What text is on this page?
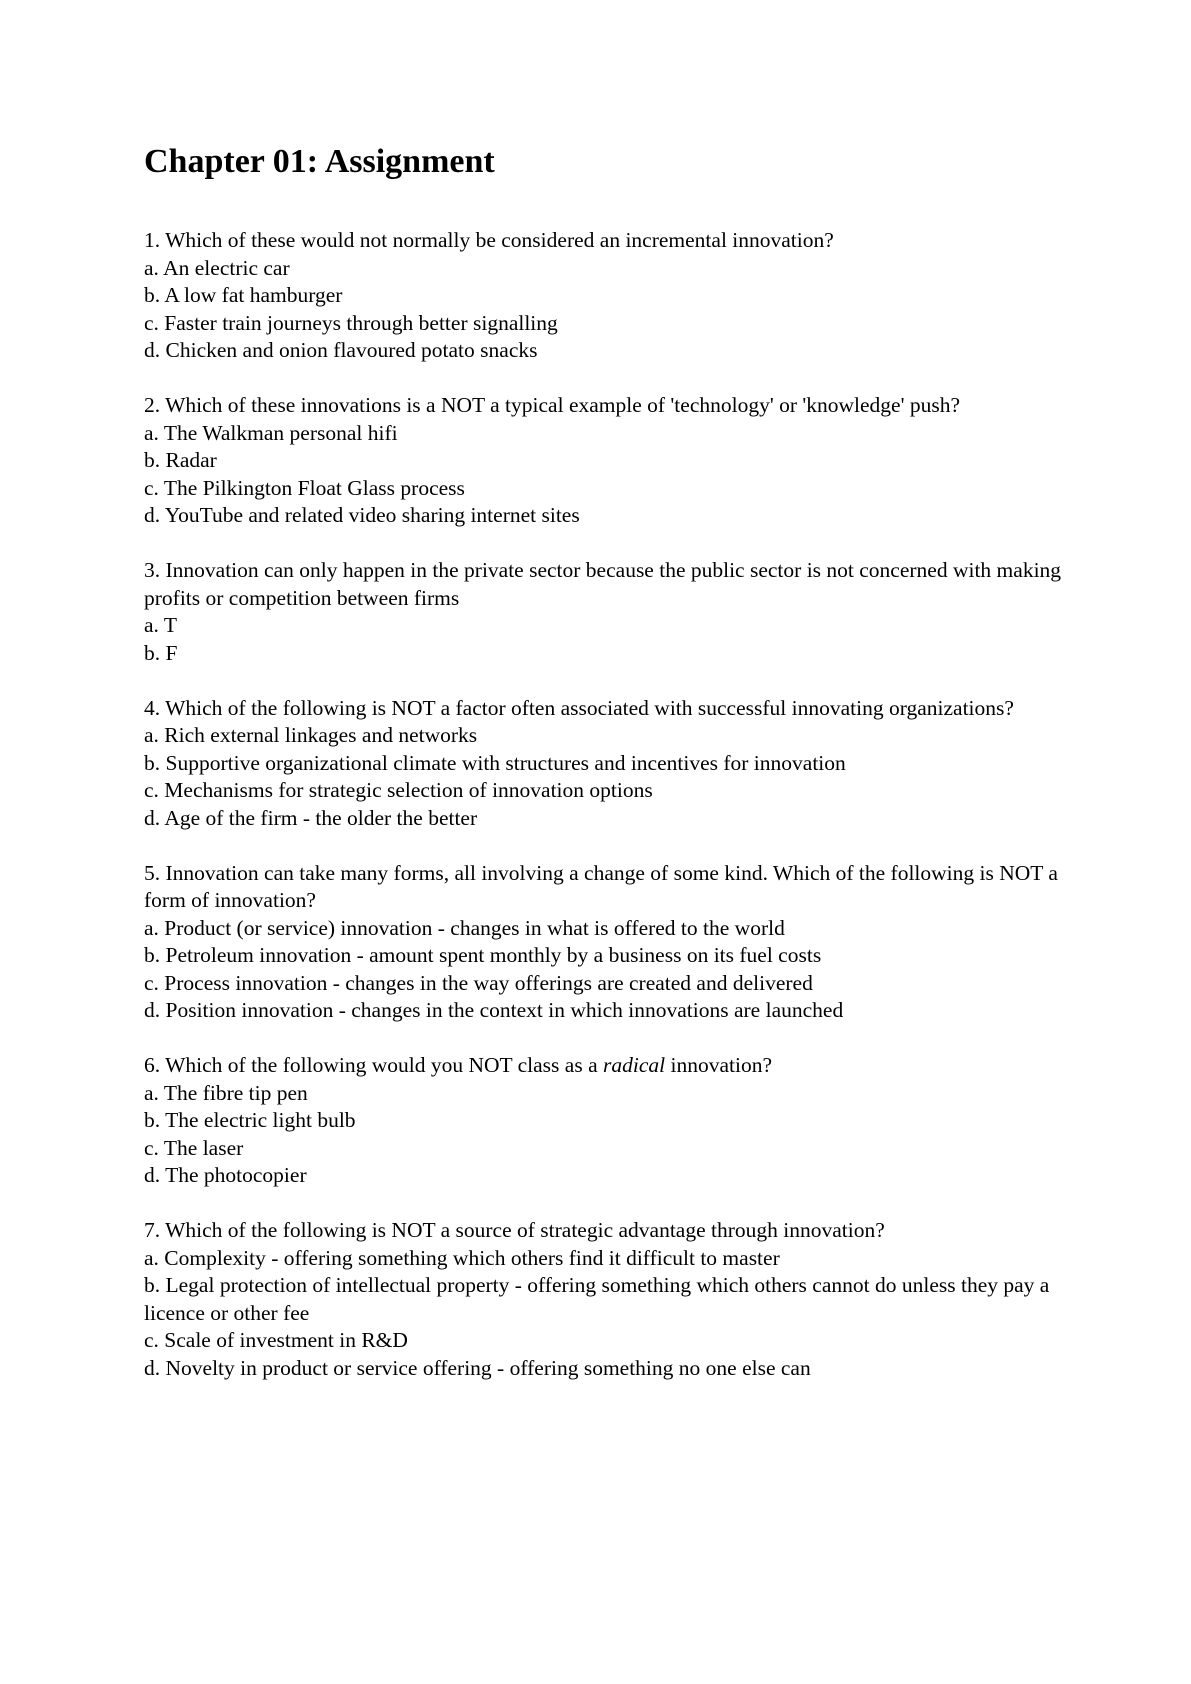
Chapter 01: Assignment

1. Which of these would not normally be considered an incremental innovation?

a. An electric car

b. A low fat hamburger

c. Faster train journeys through better signalling

d. Chicken and onion flavoured potato snacks

2. Which of these innovations is a NOT a typical example of 'technology' or 'knowledge' push?

a. The Walkman personal hifi

b. Radar

c. The Pilkington Float Glass process

d. YouTube and related video sharing internet sites

3. Innovation can only happen in the private sector because the public sector is not concerned with making profits or competition between firms

a. T

b. F

4. Which of the following is NOT a factor often associated with successful innovating organizations?

a. Rich external linkages and networks

b. Supportive organizational climate with structures and incentives for innovation

c. Mechanisms for strategic selection of innovation options

d. Age of the firm - the older the better

5. Innovation can take many forms, all involving a change of some kind. Which of the following is NOT a form of innovation?

a. Product (or service) innovation - changes in what is offered to the world

b. Petroleum innovation - amount spent monthly by a business on its fuel costs

c. Process innovation - changes in the way offerings are created and delivered

d. Position innovation - changes in the context in which innovations are launched

6. Which of the following would you NOT class as a radical innovation?

a. The fibre tip pen

b. The electric light bulb

c. The laser

d. The photocopier

7. Which of the following is NOT a source of strategic advantage through innovation?

a. Complexity - offering something which others find it difficult to master

b. Legal protection of intellectual property - offering something which others cannot do unless they pay a licence or other fee

c. Scale of investment in R&D

d. Novelty in product or service offering - offering something no one else can
